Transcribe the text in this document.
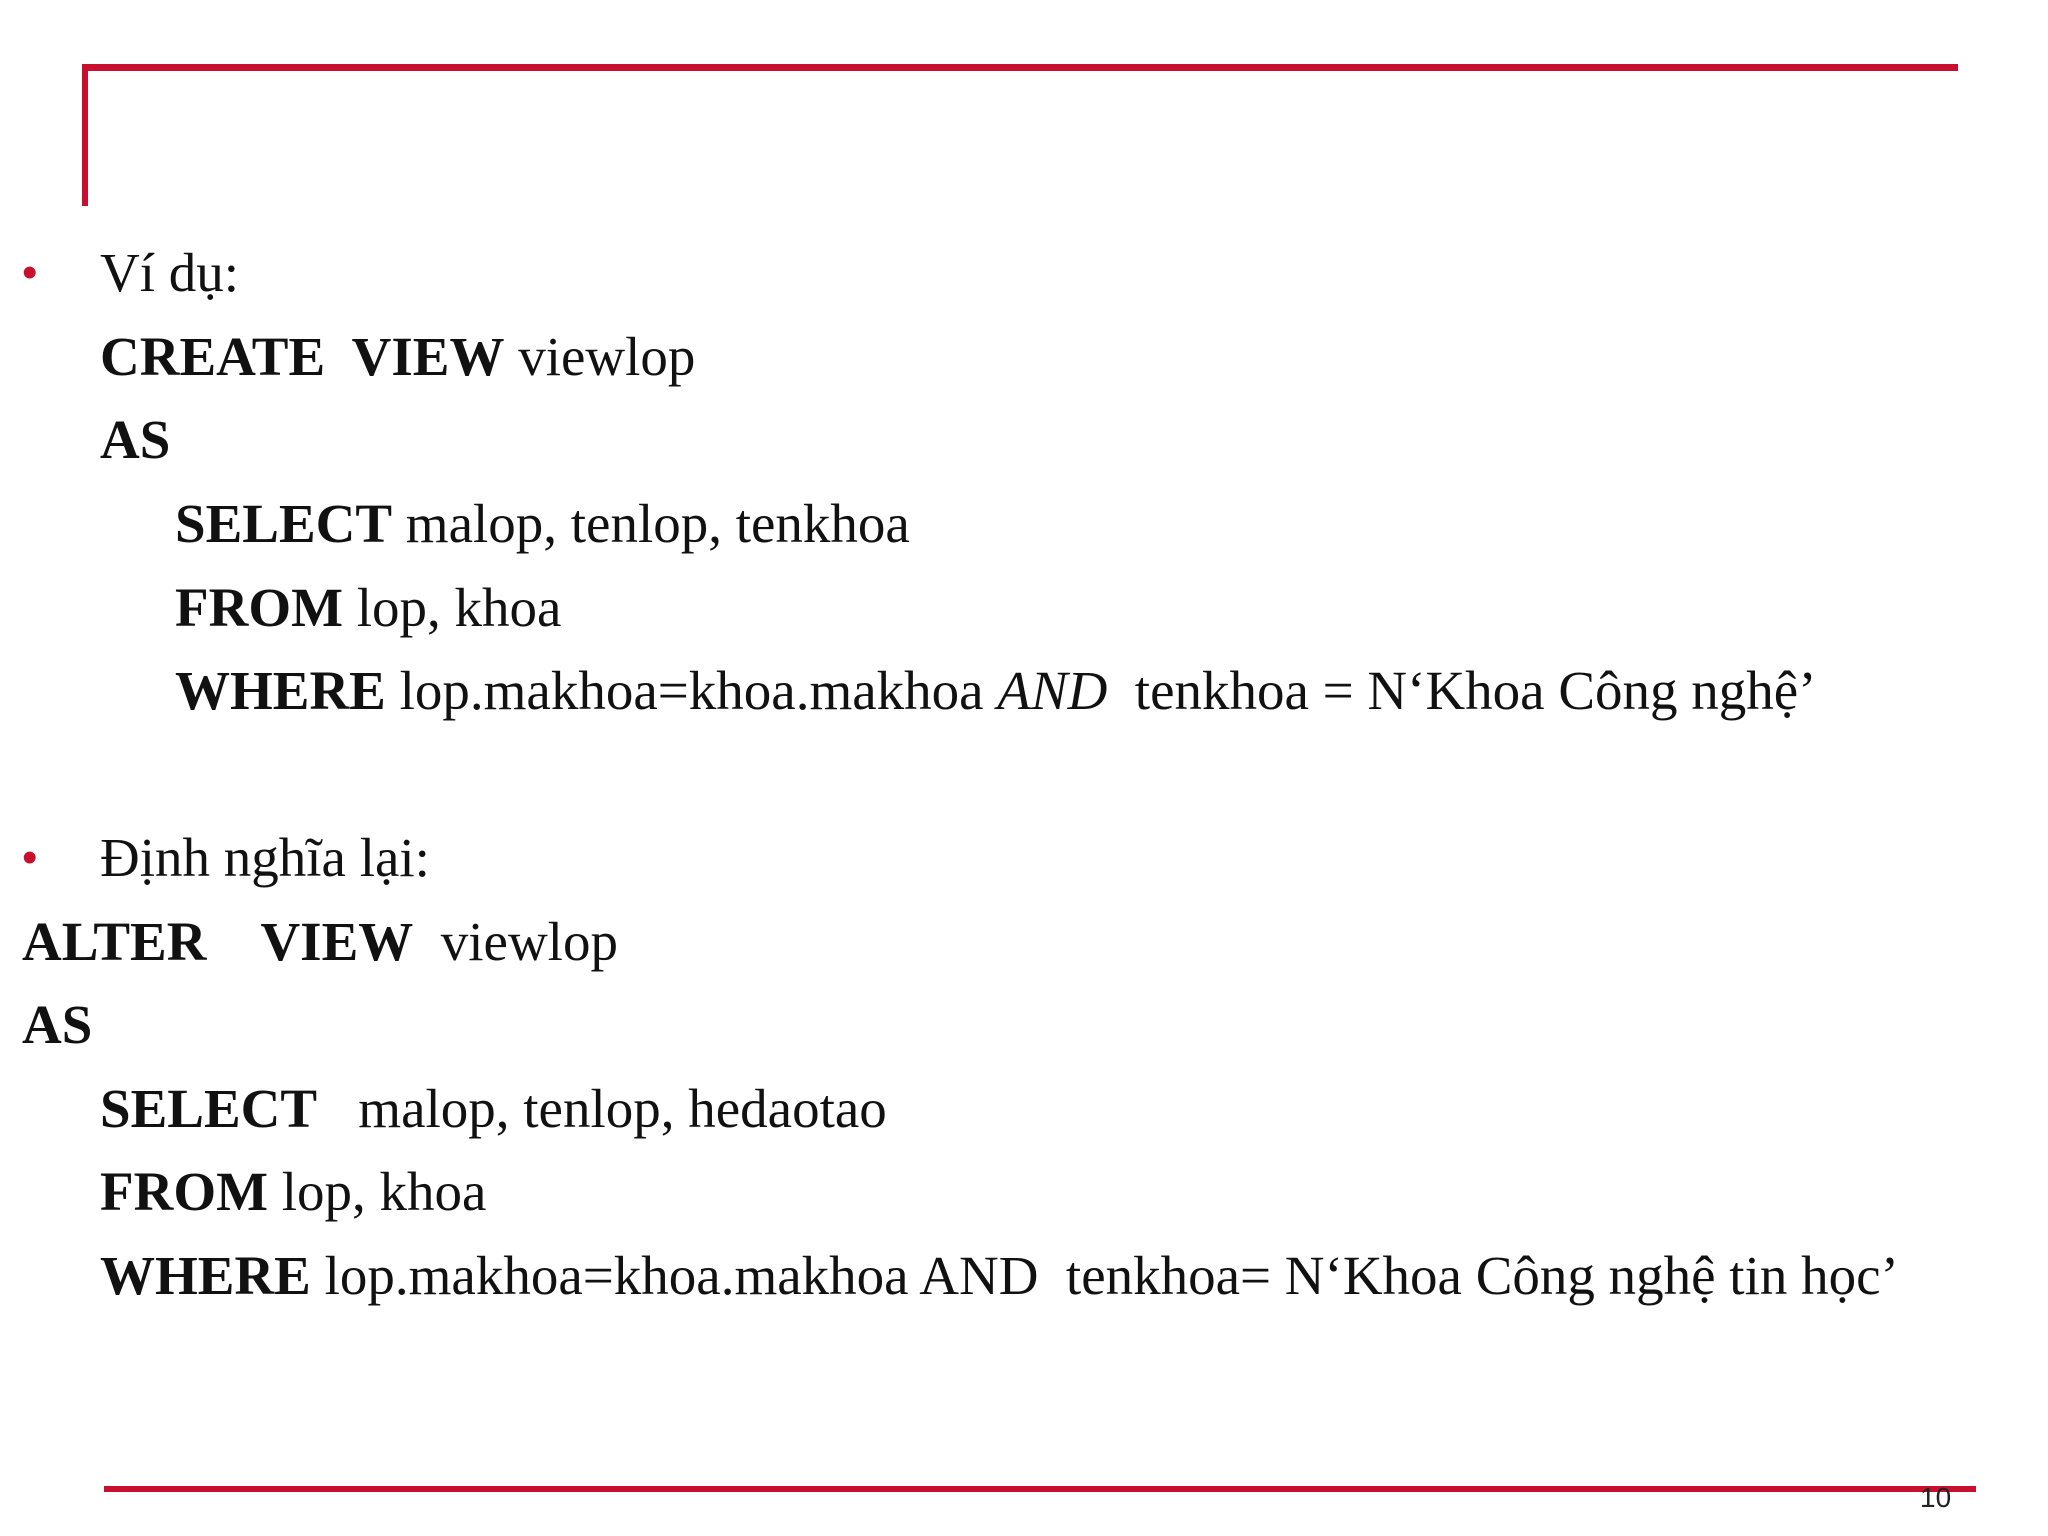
• Ví dụ:
CREATE  VIEW viewlop
AS
SELECT malop, tenlop, tenkhoa
FROM lop, khoa
WHERE lop.makhoa=khoa.makhoa AND  tenkhoa = N‘Khoa Công nghệ’
• Định nghĩa lại:
ALTER    VIEW  viewlop
AS
SELECT   malop, tenlop, hedaotao
FROM lop, khoa
WHERE lop.makhoa=khoa.makhoa AND  tenkhoa= N‘Khoa Công nghệ tin học’
10
